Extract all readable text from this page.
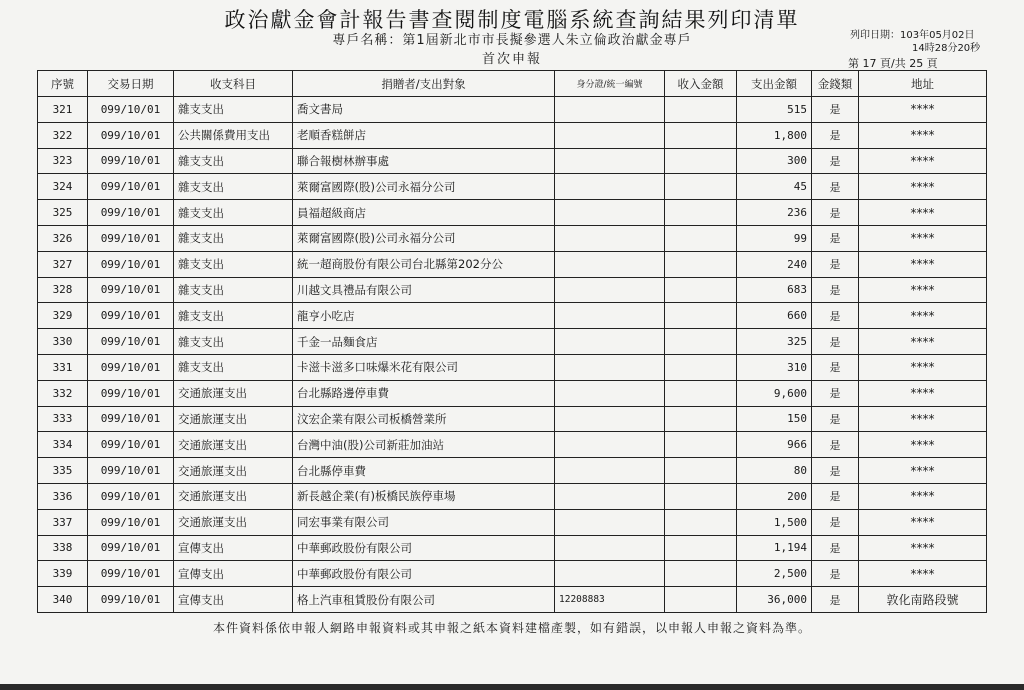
政治獻金會計報告書查閱制度電腦系統查詢結果列印清單
專戶名稱：第1屆新北市市長擬參選人朱立倫政治獻金專戶
首次申報
列印日期：103年05月02日
14時28分20秒
第 17 頁/共 25 頁
序號	交易日期	收支科目	捐贈者/支出對象	身分證/統一編號	收入金額	支出金額	金錢類	地址
321	099/10/01	雜支支出	喬文書局			515	是	****
322	099/10/01	公共關係費用支出	老順香糕餅店			1,800	是	****
323	099/10/01	雜支支出	聯合報樹林辦事處			300	是	****
324	099/10/01	雜支支出	萊爾富國際(股)公司永福分公司			45	是	****
325	099/10/01	雜支支出	員福超級商店			236	是	****
326	099/10/01	雜支支出	萊爾富國際(股)公司永福分公司			99	是	****
327	099/10/01	雜支支出	統一超商股份有限公司台北縣第202分公			240	是	****
328	099/10/01	雜支支出	川越文具禮品有限公司			683	是	****
329	099/10/01	雜支支出	龍亨小吃店			660	是	****
330	099/10/01	雜支支出	千金一品麵食店			325	是	****
331	099/10/01	雜支支出	卡滋卡滋多口味爆米花有限公司			310	是	****
332	099/10/01	交通旅運支出	台北縣路邊停車費			9,600	是	****
333	099/10/01	交通旅運支出	汶宏企業有限公司板橋營業所			150	是	****
334	099/10/01	交通旅運支出	台灣中油(股)公司新莊加油站			966	是	****
335	099/10/01	交通旅運支出	台北縣停車費			80	是	****
336	099/10/01	交通旅運支出	新長越企業(有)板橋民族停車場			200	是	****
337	099/10/01	交通旅運支出	同宏事業有限公司			1,500	是	****
338	099/10/01	宣傳支出	中華郵政股份有限公司			1,194	是	****
339	099/10/01	宣傳支出	中華郵政股份有限公司			2,500	是	****
340	099/10/01	宣傳支出	格上汽車租賃股份有限公司	12208883		36,000	是	敦化南路段號
本件資料係依申報人網路申報資料或其申報之紙本資料建檔產製，如有錯誤，以申報人申報之資料為準。
